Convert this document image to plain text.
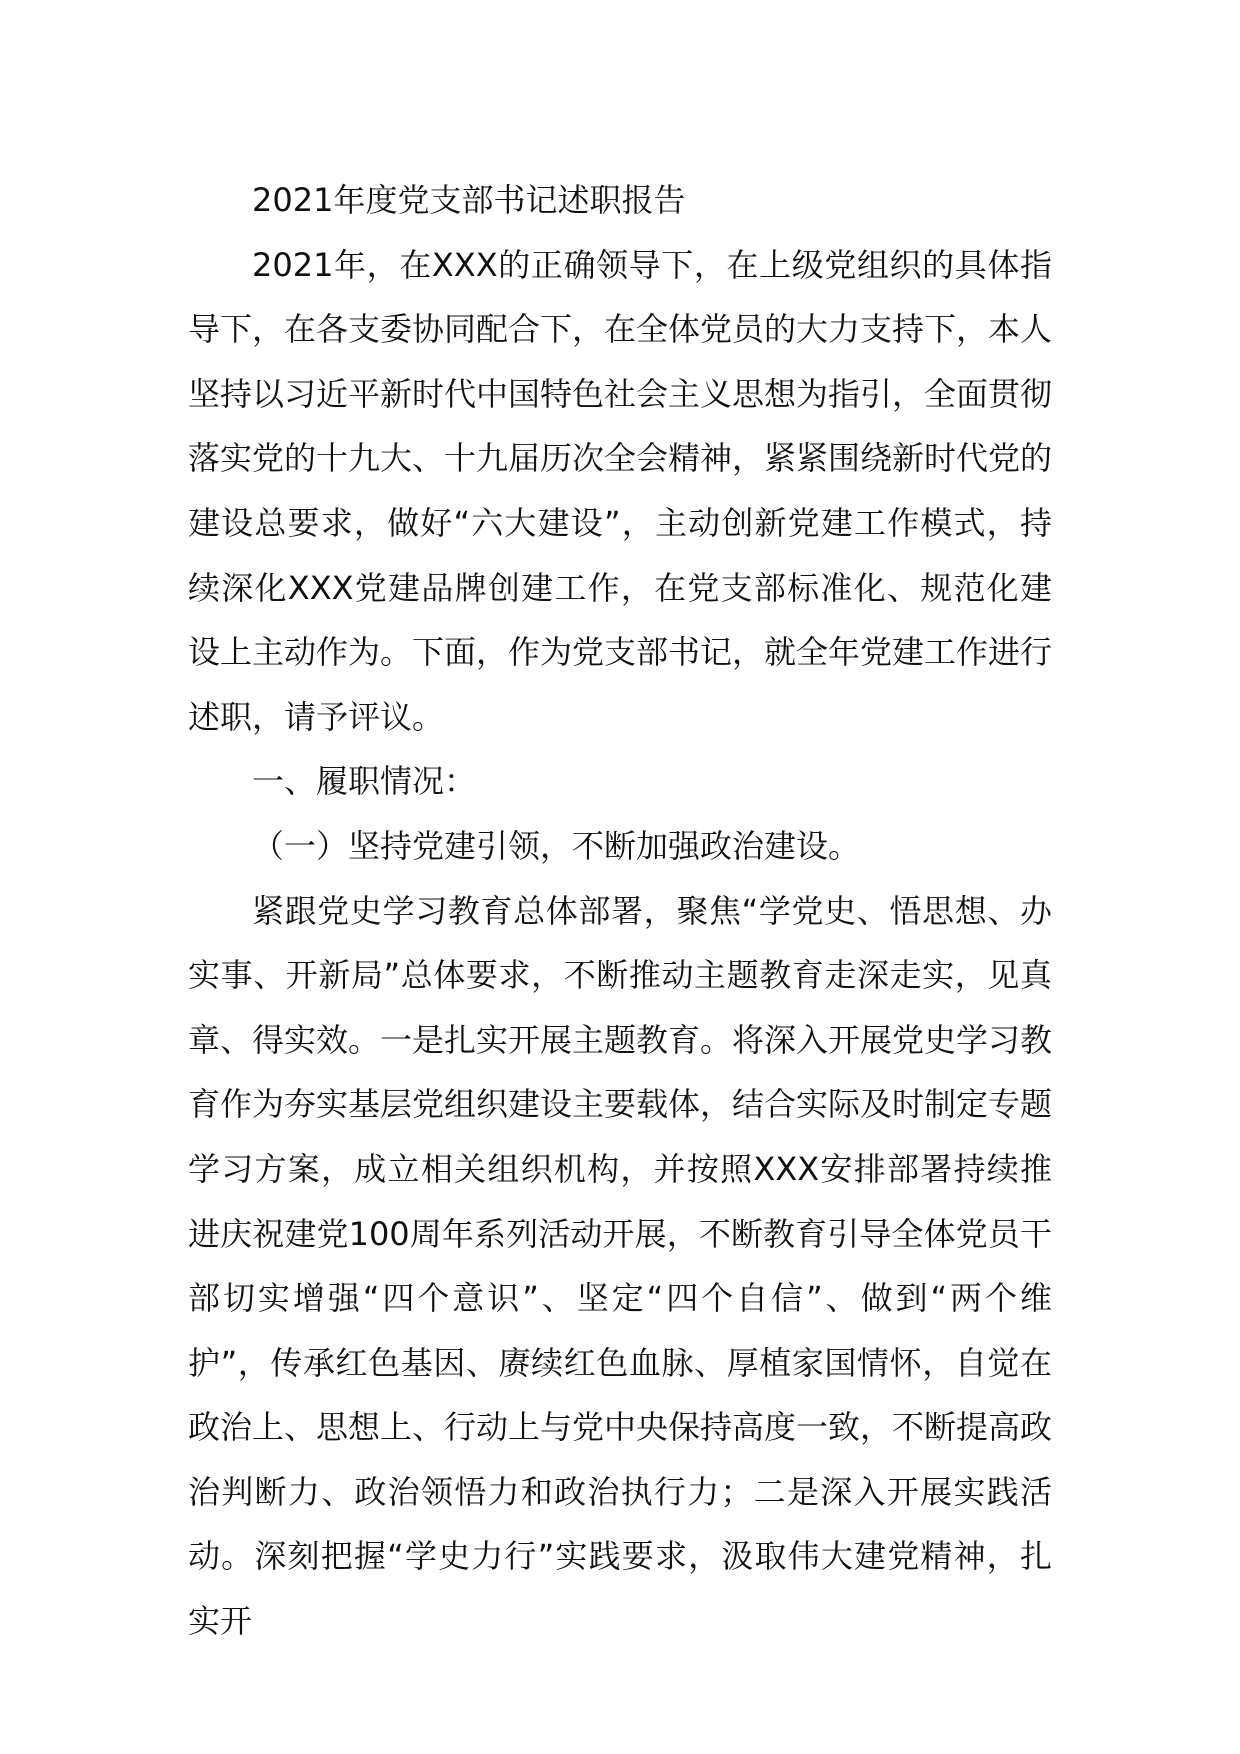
2021年度党支部书记述职报告

2021年，在XXX的正确领导下，在上级党组织的具体指导下，在各支委协同配合下，在全体党员的大力支持下，本人坚持以习近平新时代中国特色社会主义思想为指引，全面贯彻落实党的十九大、十九届历次全会精神，紧紧围绕新时代党的建设总要求，做好“六大建设”，主动创新党建工作模式，持续深化XXX党建品牌创建工作，在党支部标准化、规范化建设上主动作为。下面，作为党支部书记，就全年党建工作进行述职，请予评议。

一、履职情况：

（一）坚持党建引领，不断加强政治建设。

紧跟党史学习教育总体部署，聚焦“学党史、悟思想、办实事、开新局”总体要求，不断推动主题教育走深走实，见真章、得实效。一是扎实开展主题教育。将深入开展党史学习教育作为夯实基层党组织建设主要载体，结合实际及时制定专题学习方案，成立相关组织机构，并按照XXX安排部署持续推进庆祝建党100周年系列活动开展，不断教育引导全体党员干部切实增强“四个意识”、坚定“四个自信”、做到“两个维护”，传承红色基因、赓续红色血脉、厚植家国情怀，自觉在政治上、思想上、行动上与党中央保持高度一致，不断提高政治判断力、政治领悟力和政治执行力；二是深入开展实践活动。深刻把握“学史力行”实践要求，汲取伟大建党精神，扎实开
